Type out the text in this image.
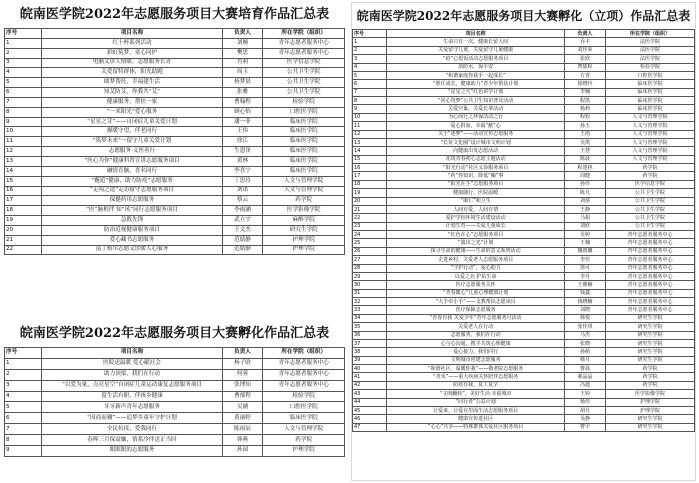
皖南医学院2022年志愿服务项目大赛培育作品汇总表
序号	项目名称	负责人	所在学院（组织）
1	红十杯系列活动	刘婉	青年志愿者服务中心
2	彩虹筑梦，童心同护	樊思	青年志愿者服务中心
3	电脑义诊人情暖，志愿服务长青	肖莉	医学信息学院
4	关爱留特群体，阳光助跑	周玉	公共卫生学院
5	圆梦帮托，幸福建生活	杨梦晨	公共卫生学院
6	知艾防艾，你我共“艾”	张雅	公共卫生学院
7	健康服务，帮扶一家	曹翰程	检验学院
8	“一米阳光”爱心服务	顾心怡	口腔医学院
9	“星星之芽”——自闭症儿童关爱计划	潘一菲	临床医学院
10	握暖守望，伴老同行	王伟	临床医学院
11	“筑梦未来”一留守儿童关爱计划	徐江	临床医学院
12	志愿服务·义医善行	生恩泽	临床医学院
13	“医心为你”健康科普宣讲志愿服务项目	黄林	临床医学院
14	融情育脑，喜名同行	李喜宁	临床医学院
15	“邂逅”健康，助力防疫”志愿服务	丁思玲	人文与管理学院
16	“走闯之途”走访留守志愿服务项目	刘诺	人文与管理学院
17	保健药用志愿服务	蔡云	药学院
18	“医”脑相伴 知“风”同行志愿服务项目	李雨涵	医学影像学院
19	急救先锋	武立宇	麻醉学院
20	防治近视健康服务项目	王文杰	研究生学院
21	爱心藏书志愿服务	范婧静	护理学院
22	南丁格尔志愿义诊暖人心服务	范婧静	护理学院
皖南医学院2022年志愿服务项目大赛孵化作品汇总表
序号	项目名称	负责人	所在学院（组织）
1	医院送温暖 爱心献社会	杨子晗	青年志愿者服务中心
2	助力顶梁，我们在行动	何蓉	青年志愿者服务中心
3	“以爱为量，点亮星空”自闭症儿童运动康复志愿服务项目	张博知	青年志愿者服务中心
4	留生活有职，伴孩乡健康	曹郁程	检验学院
5	牙牙新声青年志愿服务	吴涵	口腔医学院
6	“因商而翱”——追梦乡童年守护计划	黄丽婷	临床医学院
7	全民抗疫，爱我同行	陈雨辰	人文与管理学院
8	春晖三月保益嫌，情系冷伴送正当时	韩燕	药学院
9	眼眼眼的志愿服务	孙园	护理学院
皖南医学院2022年志愿服务项目大赛孵化（立项）作品汇总表
序号	项目名称	负责人	所在学院（组织）
1	生命只有一次，健康长留人间	乔丰	法医学院
2	关爱留守儿童，关爱留守儿童健康	刘佳荣	法医学院
3	“给”心愿饭活动志愿服务项目	张欣	法医学院
4	消防水，保平安	曹郁程	检验学院
5	“和谐家庭你我手一起成长”	方青	口腔医学院
6	“胜任成长，健康助力”青少年帮扶计划	徐晓玲	临床医学院
7	“星星之火”红色讲学计划	李楠	临床医学院
8	“同心筑梦”公共卫生知识普及活动	程凯	临床医学院
9	关爱空巢，关爱长辈活动	杨莉	临床医学院
10	为心而行之环保活动之行	程程	人文与管理学院
11	爱心捐血，幸福“献”心	孙玉	人文与管理学院
12	关于“逐梦”——活动宣传志愿服务	王雨	人文与管理学院
13	“长征文化圈”设计城市文明计划	吴凯	人文与管理学院
14	向健康出发志愿活动	王慧	人文与管理学院
15	花筑青春初心志愿主题活动	陈晨	人文与管理学院
16	“阳光行动”社区义诊服务项目	程楚林	药学院
17	“药”你知识，降低“癫”事	周健	药学院
18	“阳光在手”志愿服务项目	孙佳	医学信息学院
19	健康随行，医院温暖	陈凡	公共卫生学院
20	“康仁”和卫生	刘倩	公共卫生学院
21	人间有爱，人间有情	王静	公共卫生学院
22	爱护学校环境生活建设活动	马娟	公共卫生学院
23	计划生育——关爱儿童成长	刘欣	公共卫生学院
24	“红色在心”志愿服务项目	吴婷	青年志愿者服务中心
25	“演出之光”计划	王楠	青年志愿者服务中心
26	探寻生命的健康——生命的意义系列活动	魏雨馨	青年志愿者服务中心
27	走进乡村，关爱老人志愿服务项目	李佳	青年志愿者服务中心
28	“守护行动”，爱心助力	徐可	青年志愿者服务中心
29	以爱之名 护佑生命	李丹	青年志愿者服务中心
30	医疗志愿服务关怀	王雅楠	青年志愿者服务中心
31	“青春暖心”儿童心理健康计划	钱鑫	青年志愿者服务中心
32	“大手牵小手”——支教帮扶志愿项目	钱晓楠	青年志愿者服务中心
33	医疗保障志愿服务	刘晓	青年志愿者服务中心
34	“青春有我 关爱少年”青年志愿服务月活动	韩悦	研究生学院
35	关爱老人在行动	张佳琪	研究生学院
36	志愿服务，我们在行动	马杰	研究生学院
37	心与心沟通，携手共筑心理健康	张晓	研究生学院
38	爱心接力，我们同行	孙萌	研究生学院
39	文明城市创建志愿服务	韩月	研究生学院
40	“和谐社区，温暖你我”——敬老院志愿服务	曹晨	药学院
41	“青禾”——重大疾病关怀陪伴志愿服务	郝晶晶	药学院
42	防疫有我，复工复学	冯迪	药学院
43	“文明翻转”，美好生活·幸福城市	王婷	医学影像学院
44	“同行者”公益计划	杨佳	护理学院
45	让爱来，让爱在里面生活志愿服务项目	胡月	护理学院
46	健康宣传进社区	吴静	研究生学院
47	“心心”共享——特殊群体关爱社区服务项目	曹宇	研究生学院
